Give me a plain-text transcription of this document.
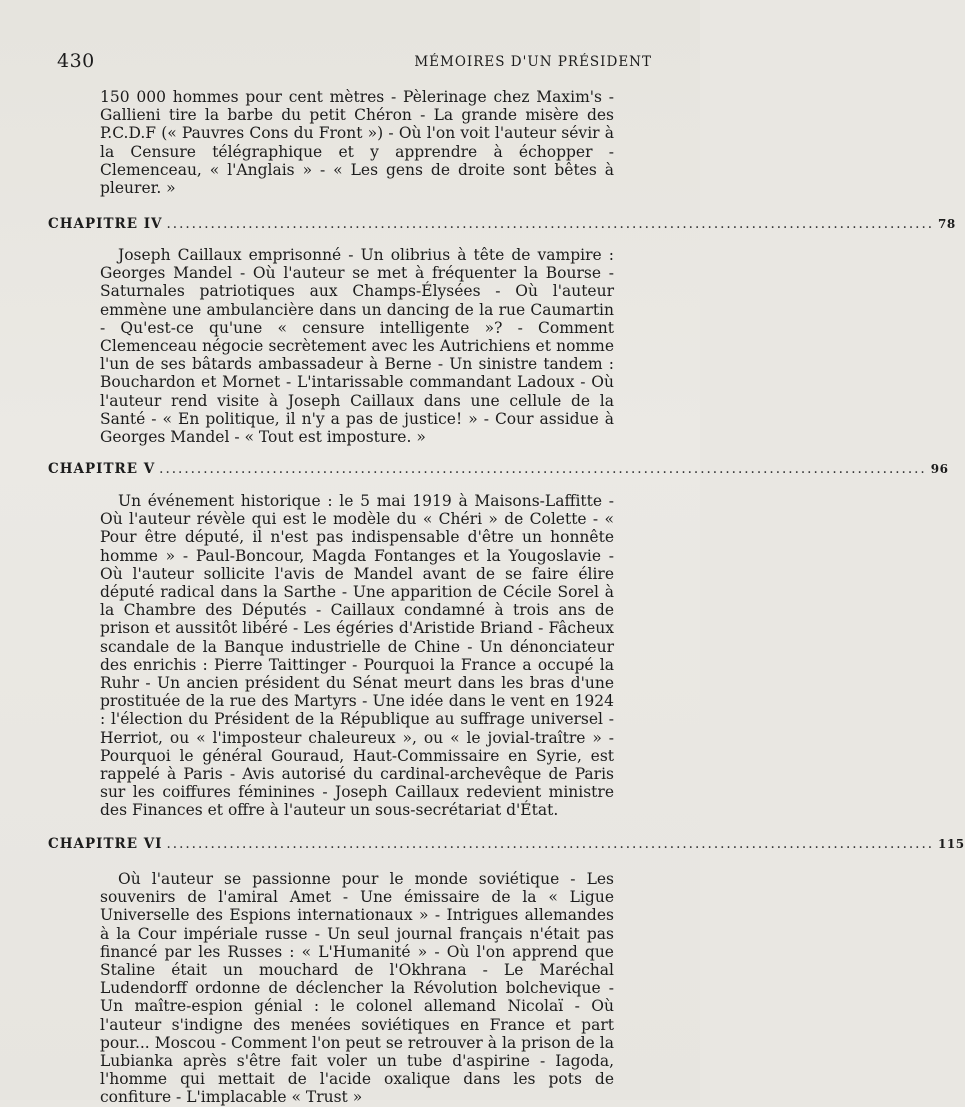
430	MÉMOIRES D'UN PRÉSIDENT

150 000 hommes pour cent mètres - Pèlerinage chez Maxim's - Gallieni tire la barbe du petit Chéron - La grande misère des P.C.D.F (« Pauvres Cons du Front ») - Où l'on voit l'auteur sévir à la Censure télégraphique et y apprendre à échopper - Clemenceau, « l'Anglais » - « Les gens de droite sont bêtes à pleurer. »

CHAPITRE IV .......................................................................................................................... 78

Joseph Caillaux emprisonné - Un olibrius à tête de vampire : Georges Mandel - Où l'auteur se met à fréquenter la Bourse - Saturnales patriotiques aux Champs-Élysées - Où l'auteur emmène une ambulancière dans un dancing de la rue Caumartin - Qu'est-ce qu'une « censure intelligente »? - Comment Clemenceau négocie secrètement avec les Autrichiens et nomme l'un de ses bâtards ambassadeur à Berne - Un sinistre tandem : Bouchardon et Mornet - L'intarissable commandant Ladoux - Où l'auteur rend visite à Joseph Caillaux dans une cellule de la Santé - « En politique, il n'y a pas de justice! » - Cour assidue à Georges Mandel - « Tout est imposture. »

CHAPITRE V .......................................................................................................................... 96

Un événement historique : le 5 mai 1919 à Maisons-Laffitte - Où l'auteur révèle qui est le modèle du « Chéri » de Colette - « Pour être député, il n'est pas indispensable d'être un honnête homme » - Paul-Boncour, Magda Fontanges et la Yougoslavie - Où l'auteur sollicite l'avis de Mandel avant de se faire élire député radical dans la Sarthe - Une apparition de Cécile Sorel à la Chambre des Députés - Caillaux condamné à trois ans de prison et aussitôt libéré - Les égéries d'Aristide Briand - Fâcheux scandale de la Banque industrielle de Chine - Un dénonciateur des enrichis : Pierre Taittinger - Pourquoi la France a occupé la Ruhr - Un ancien président du Sénat meurt dans les bras d'une prostituée de la rue des Martyrs - Une idée dans le vent en 1924 : l'élection du Président de la République au suffrage universel - Herriot, ou « l'imposteur chaleureux », ou « le jovial-traître » - Pourquoi le général Gouraud, Haut-Commissaire en Syrie, est rappelé à Paris - Avis autorisé du cardinal-archevêque de Paris sur les coiffures féminines - Joseph Caillaux redevient ministre des Finances et offre à l'auteur un sous-secrétariat d'État.

CHAPITRE VI .......................................................................................................................... 115

Où l'auteur se passionne pour le monde soviétique - Les souvenirs de l'amiral Amet - Une émissaire de la « Ligue Universelle des Espions internationaux » - Intrigues allemandes à la Cour impériale russe - Un seul journal français n'était pas financé par les Russes : « L'Humanité » - Où l'on apprend que Staline était un mouchard de l'Okhrana - Le Maréchal Ludendorff ordonne de déclencher la Révolution bolchevique - Un maître-espion génial : le colonel allemand Nicolaï - Où l'auteur s'indigne des menées soviétiques en France et part pour... Moscou - Comment l'on peut se retrouver à la prison de la Lubianka après s'être fait voler un tube d'aspirine - Iagoda, l'homme qui mettait de l'acide oxalique dans les pots de confiture - L'implacable « Trust »
